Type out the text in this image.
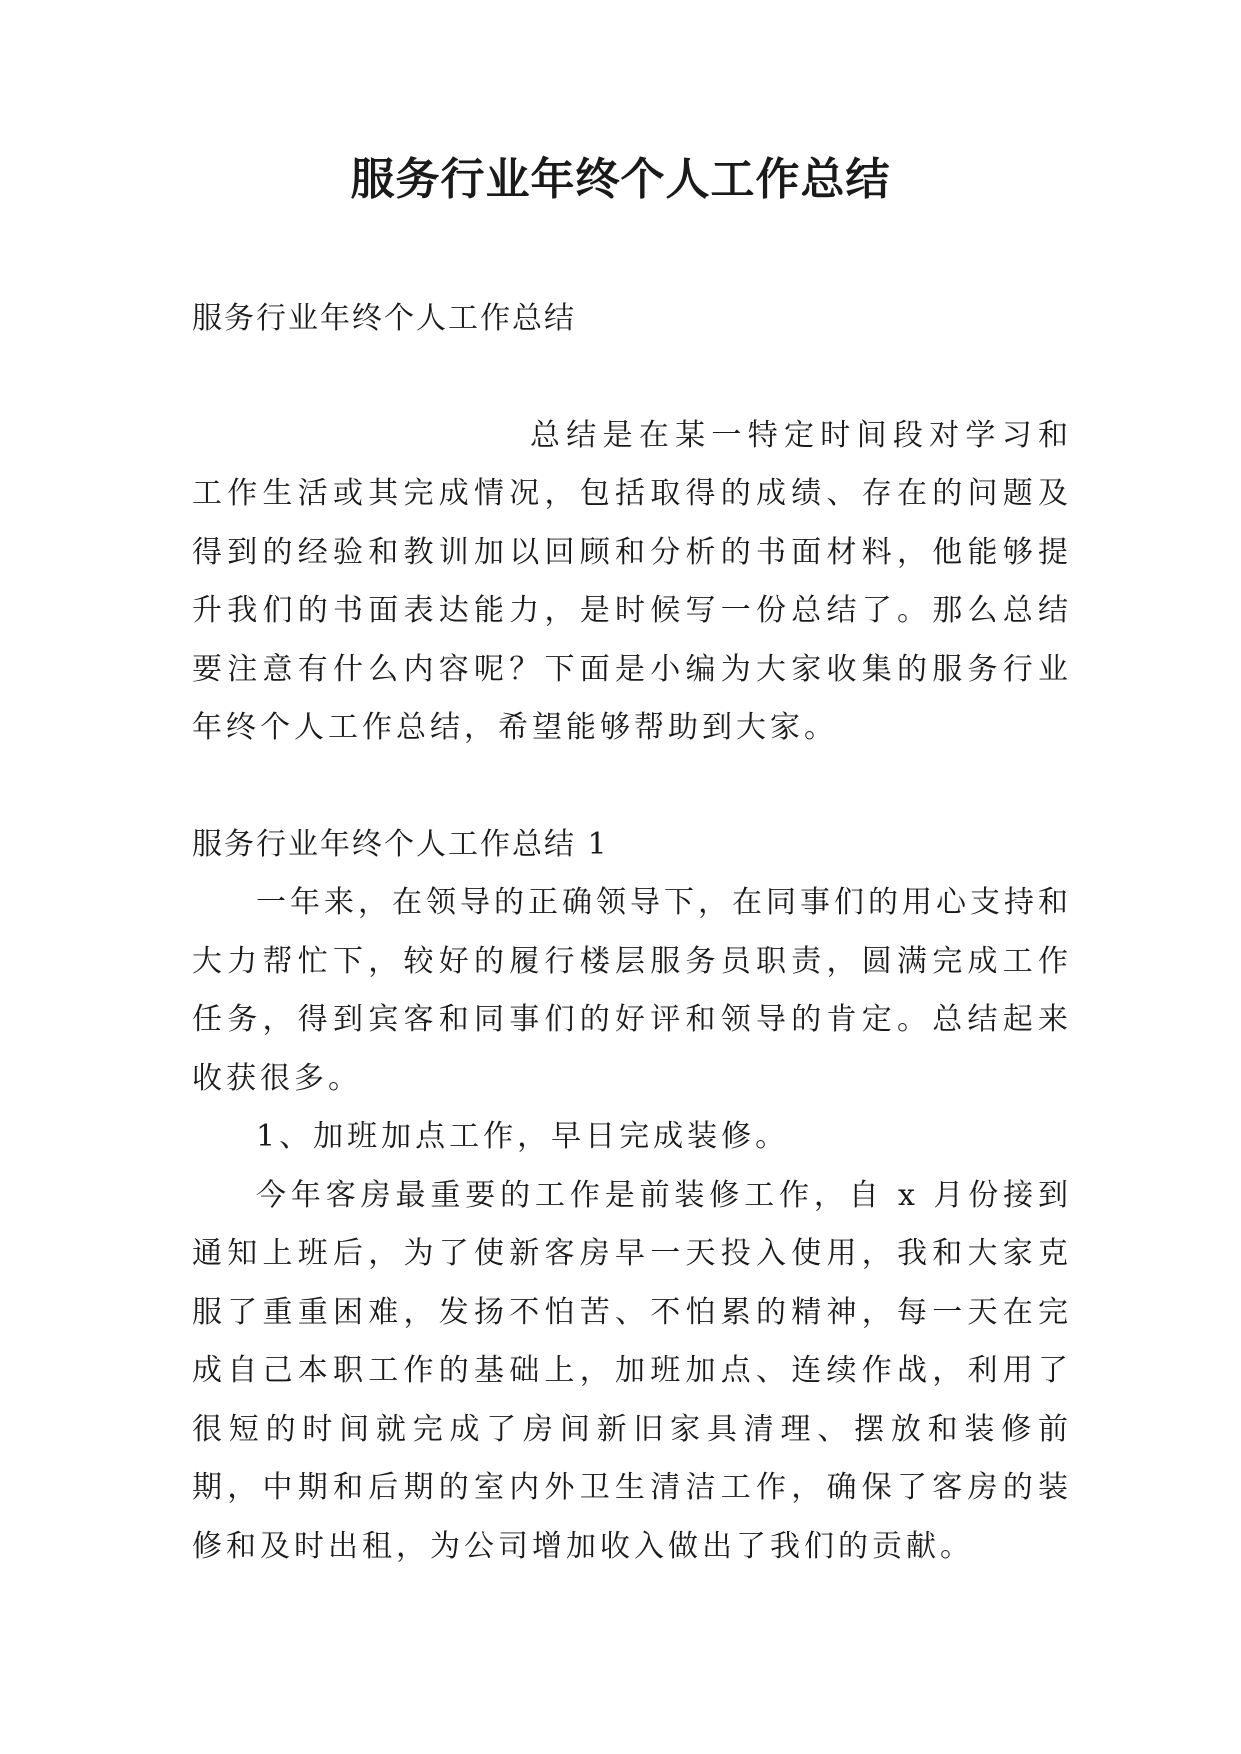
服务行业年终个人工作总结

服务行业年终个人工作总结

总结是在某一特定时间段对学习和工作生活或其完成情况，包括取得的成绩、存在的问题及得到的经验和教训加以回顾和分析的书面材料，他能够提升我们的书面表达能力，是时候写一份总结了。那么总结要注意有什么内容呢？下面是小编为大家收集的服务行业年终个人工作总结，希望能够帮助到大家。

服务行业年终个人工作总结 1

一年来，在领导的正确领导下，在同事们的用心支持和大力帮忙下，较好的履行楼层服务员职责，圆满完成工作任务，得到宾客和同事们的好评和领导的肯定。总结起来收获很多。

1、加班加点工作，早日完成装修。

今年客房最重要的工作是前装修工作，自 x 月份接到通知上班后，为了使新客房早一天投入使用，我和大家克服了重重困难，发扬不怕苦、不怕累的精神，每一天在完成自己本职工作的基础上，加班加点、连续作战，利用了很短的时间就完成了房间新旧家具清理、摆放和装修前期，中期和后期的室内外卫生清洁工作，确保了客房的装修和及时出租，为公司增加收入做出了我们的贡献。
